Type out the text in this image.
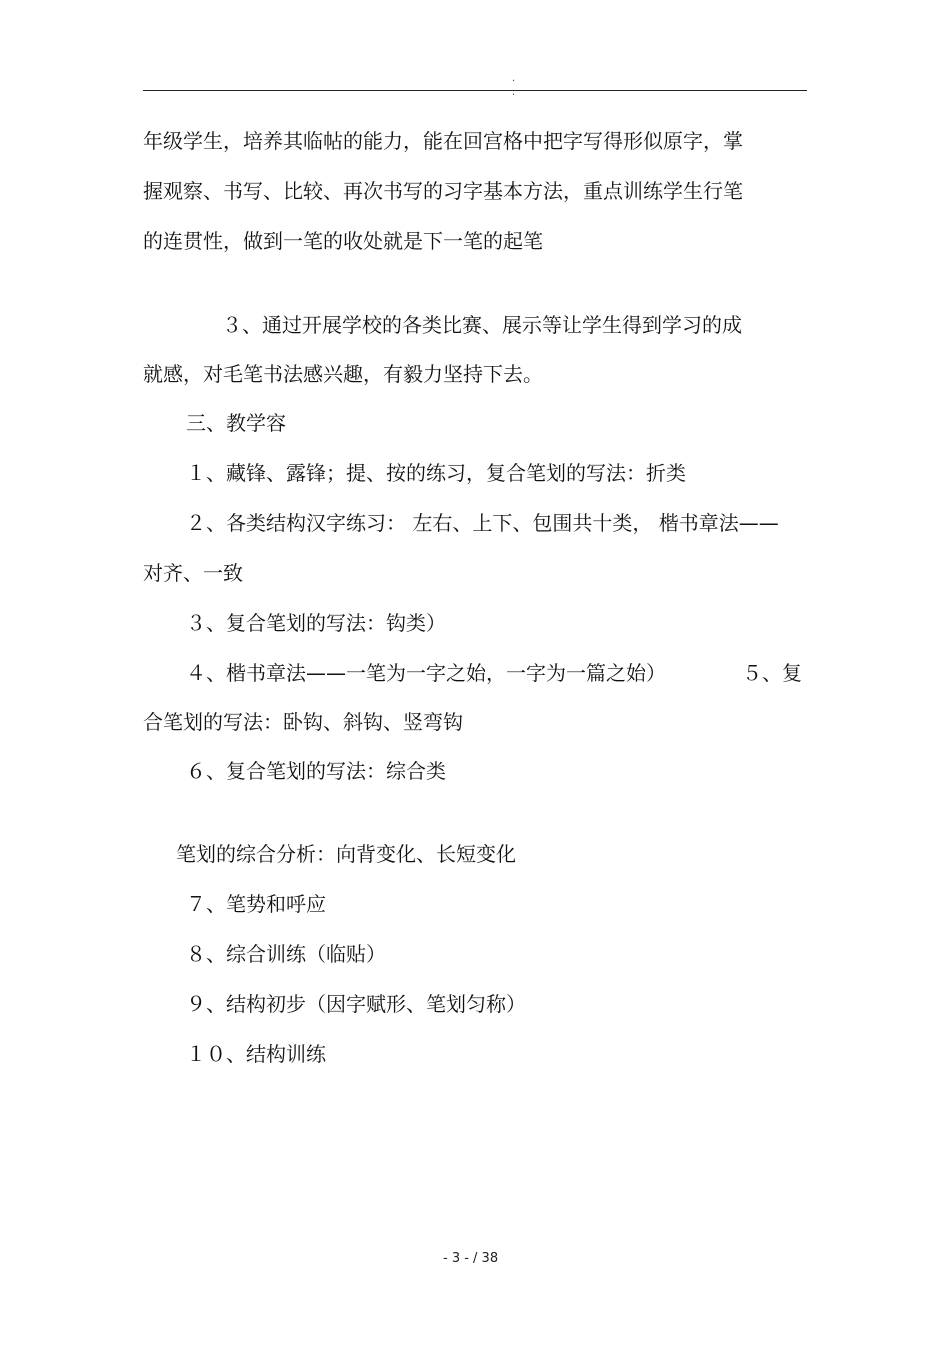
. .
年级学生，培养其临帖的能力，能在回宫格中把字写得形似原字，掌
握观察、书写、比较、再次书写的习字基本方法，重点训练学生行笔
的连贯性，做到一笔的收处就是下一笔的起笔
３、通过开展学校的各类比赛、展示等让学生得到学习的成
就感，对毛笔书法感兴趣，有毅力坚持下去。
三、教学容
１、藏锋、露锋；提、按的练习，复合笔划的写法：折类
２、各类结构汉字练习： 左右、上下、包围共十类， 楷书章法——
对齐、一致
３、复合笔划的写法：钩类）
４、楷书章法——一笔为一字之始，一字为一篇之始）	５、复
合笔划的写法：卧钩、斜钩、竖弯钩
６、复合笔划的写法：综合类
笔划的综合分析：向背变化、长短变化
７、笔势和呼应
８、综合训练（临贴）
９、结构初步（因字赋形、笔划匀称）
１０、结构训练
- 3 - / 38
